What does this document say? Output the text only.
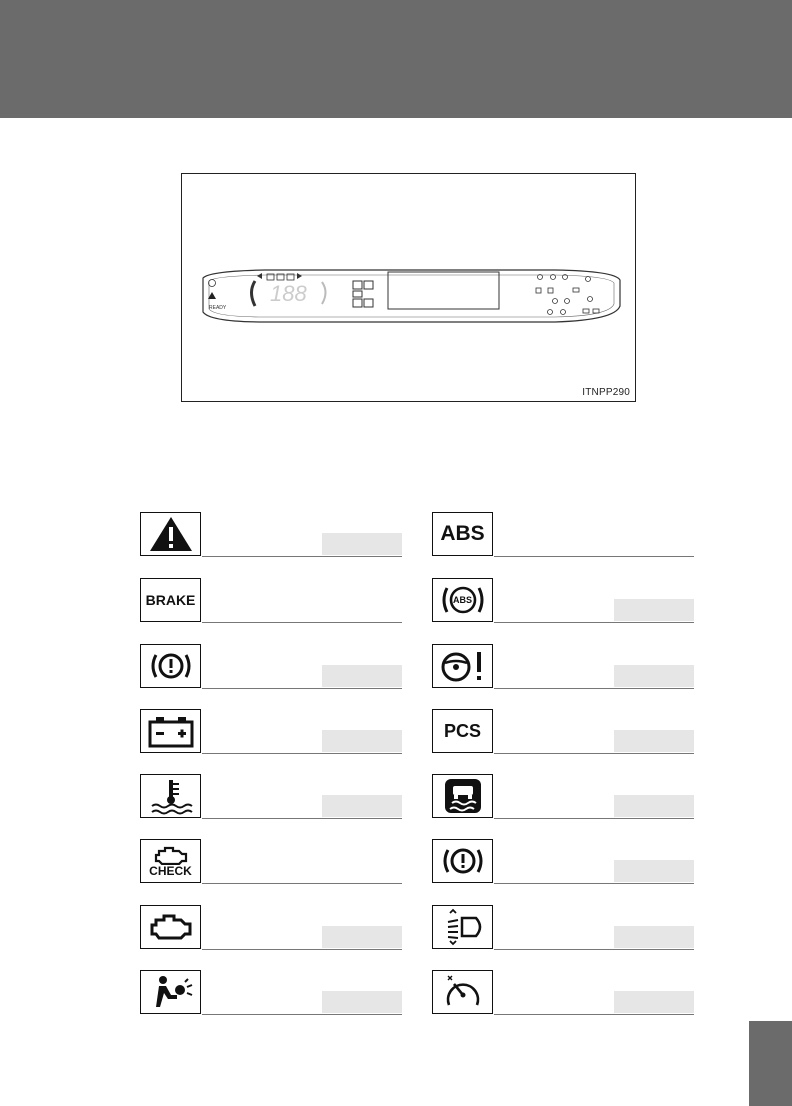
READY
188
ITNPP290
BRAKE
CHECK
ABS
ABS
PCS
